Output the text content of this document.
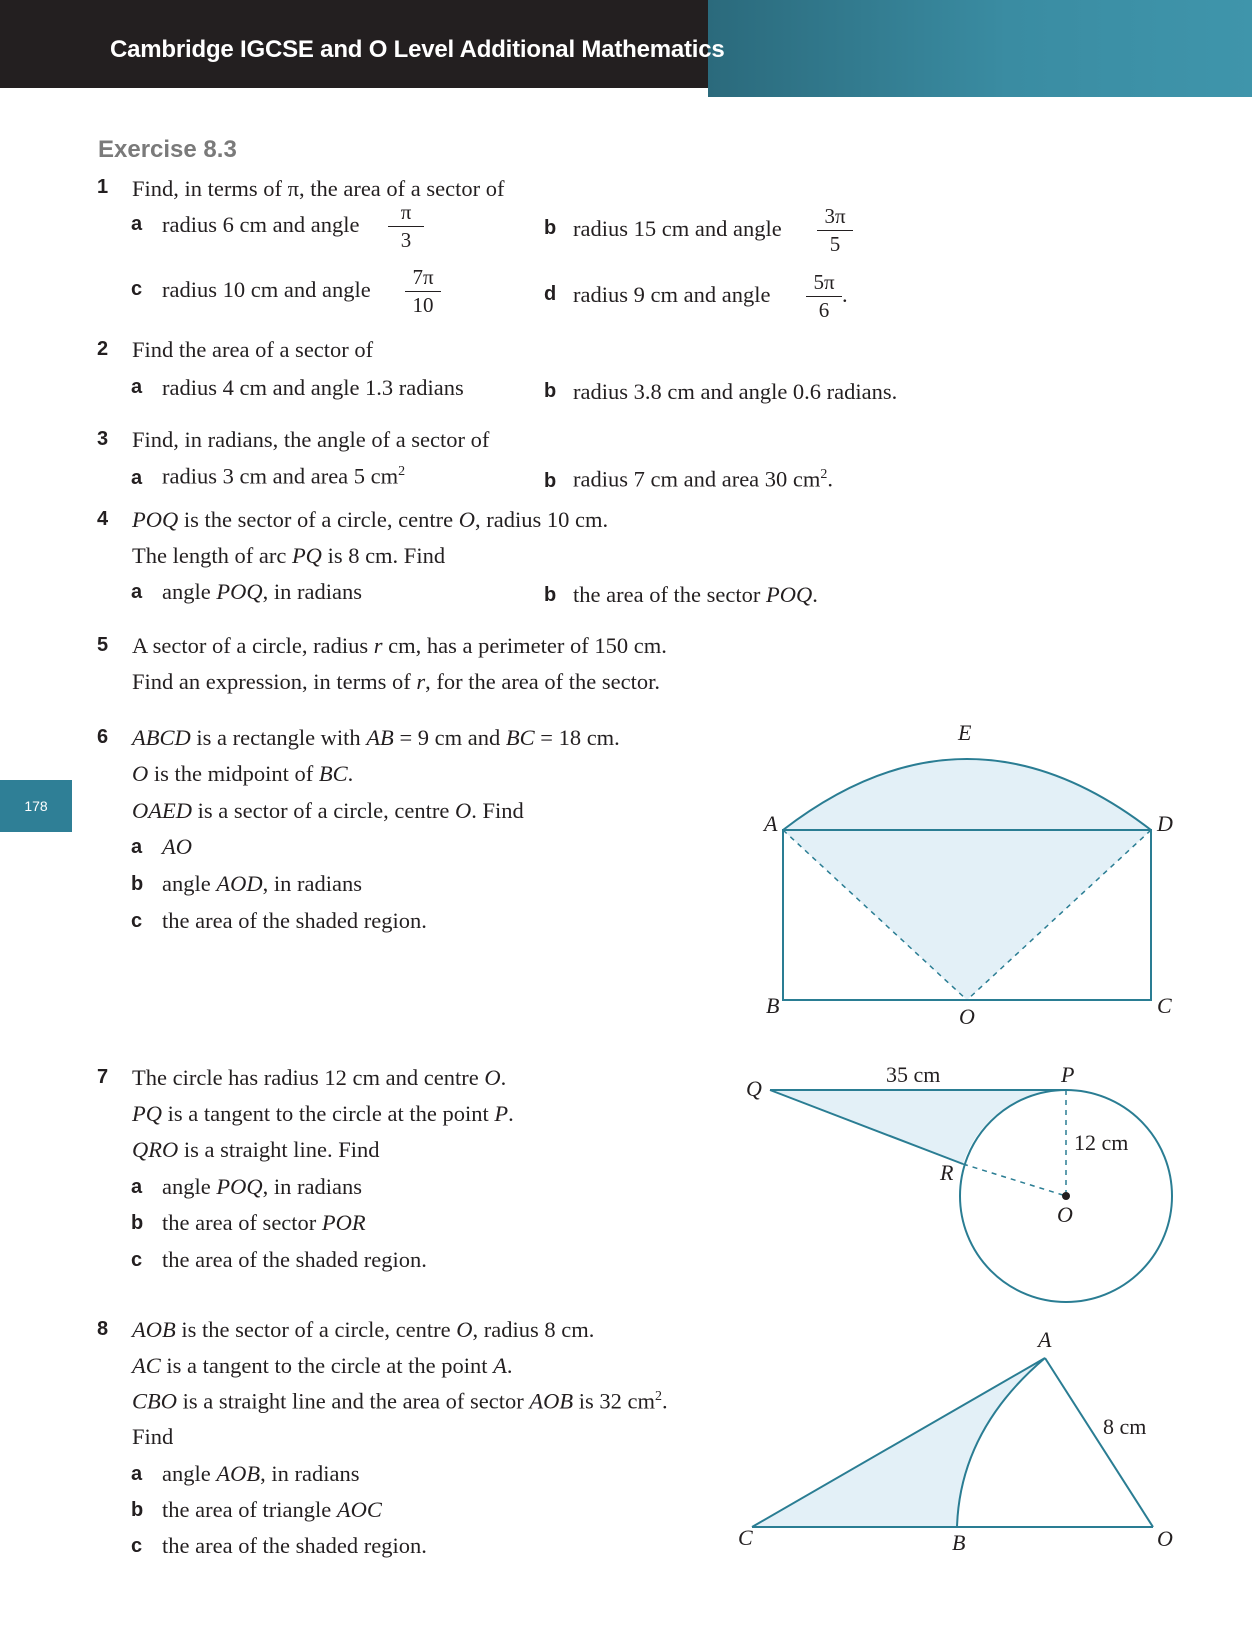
Cambridge IGCSE and O Level Additional Mathematics
178
Exercise 8.3
1 Find, in terms of π, the area of a sector of
a radius 6 cm and angle $\frac{\pi}{3}$	b radius 15 cm and angle $\frac{3\pi}{5}$
c radius 10 cm and angle $\frac{7\pi}{10}$	d radius 9 cm and angle $\frac{5\pi}{6}$ .
2 Find the area of a sector of
a radius 4 cm and angle 1.3 radians	b radius 3.8 cm and angle 0.6 radians.
3 Find, in radians, the angle of a sector of
a radius 3 cm and area 5 $cm^2$	b radius 7 cm and area 30 $cm^2$.
4 POQ is the sector of a circle, centre O, radius 10 cm.
The length of arc PQ is 8 cm. Find
a angle POQ, in radians	b the area of the sector POQ.
5 A sector of a circle, radius r cm, has a perimeter of 150 cm.
Find an expression, in terms of r, for the area of the sector.
6 ABCD is a rectangle with AB = 9 cm and BC = 18 cm.
O is the midpoint of BC.
OAED is a sector of a circle, centre O. Find
a AO
b angle AOD, in radians
c the area of the shaded region.
A	D
E
B	O	C
7 The circle has radius 12 cm and centre O.
PQ is a tangent to the circle at the point P.
QRO is a straight line. Find
a angle POQ, in radians
b the area of sector POR
c the area of the shaded region.
Q
P
R
O
35 cm
12 cm
8 AOB is the sector of a circle, centre O, radius 8 cm.
AC is a tangent to the circle at the point A.
CBO is a straight line and the area of sector AOB is 32 $cm^2$.
Find
a angle AOB, in radians
b the area of triangle AOC
c the area of the shaded region.
A
C	B	O
8 cm
